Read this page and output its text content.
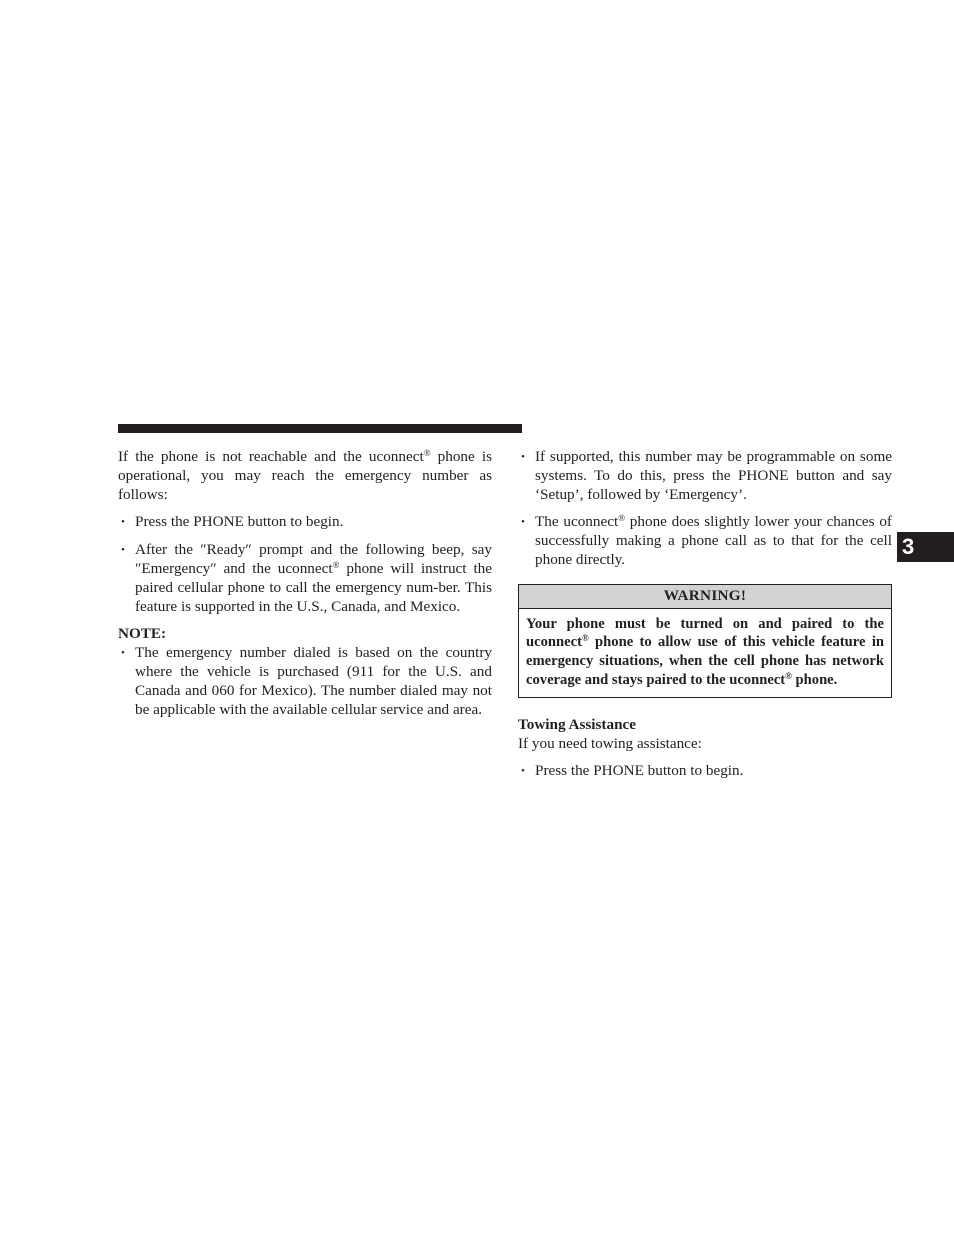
If the phone is not reachable and the uconnect® phone is operational, you may reach the emergency number as follows:

• Press the PHONE button to begin.
• After the ″Ready″ prompt and the following beep, say ″Emergency″ and the uconnect® phone will instruct the paired cellular phone to call the emergency num-ber. This feature is supported in the U.S., Canada, and Mexico.

NOTE:

• The emergency number dialed is based on the country where the vehicle is purchased (911 for the U.S. and Canada and 060 for Mexico). The number dialed may not be applicable with the available cellular service and area.
• If supported, this number may be programmable on some systems. To do this, press the PHONE button and say ‘Setup’, followed by ‘Emergency’.
• The uconnect® phone does slightly lower your chances of successfully making a phone call as to that for the cell phone directly.
WARNING!
Your phone must be turned on and paired to the uconnect® phone to allow use of this vehicle feature in emergency situations, when the cell phone has network coverage and stays paired to the uconnect® phone.

Towing Assistance

If you need towing assistance:

• Press the PHONE button to begin.
3
